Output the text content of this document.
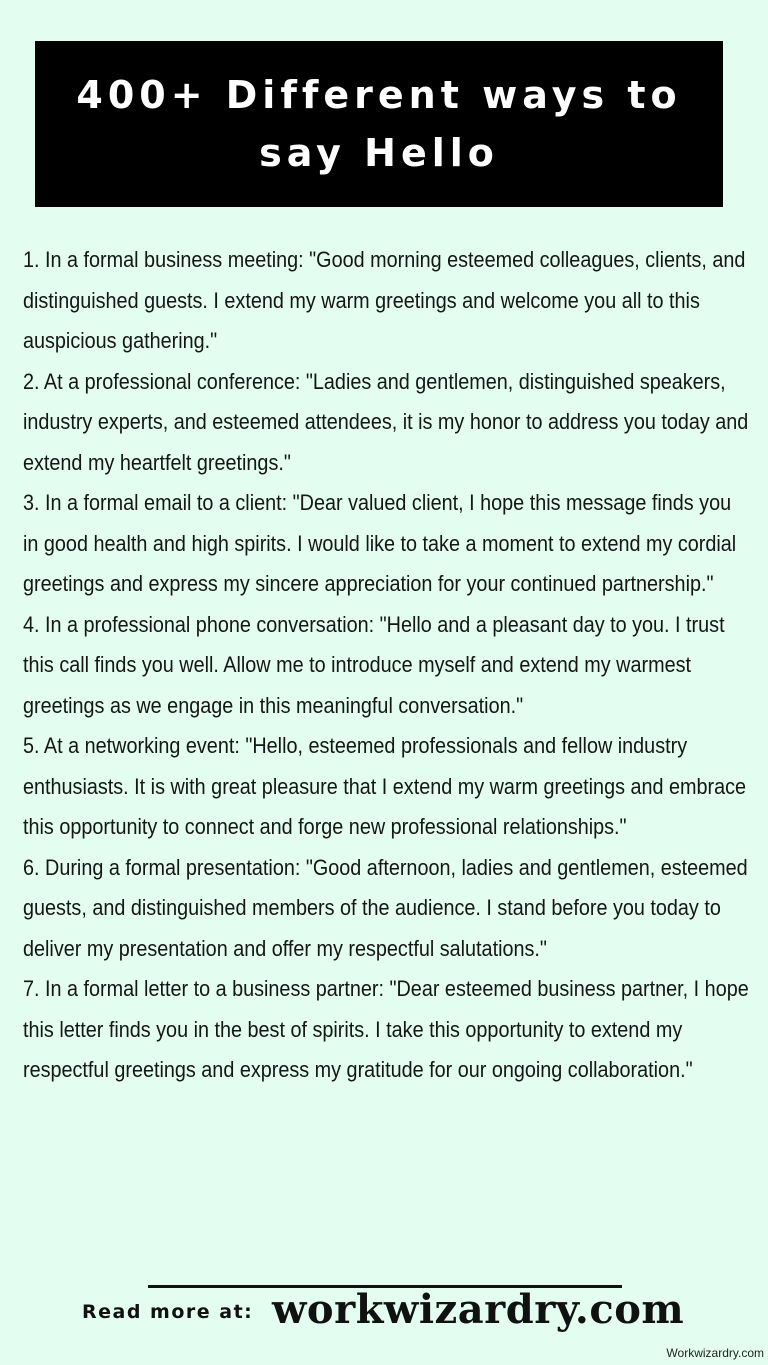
400+ Different ways to say Hello

1. In a formal business meeting: "Good morning esteemed colleagues, clients, and distinguished guests. I extend my warm greetings and welcome you all to this auspicious gathering."

2. At a professional conference: "Ladies and gentlemen, distinguished speakers, industry experts, and esteemed attendees, it is my honor to address you today and extend my heartfelt greetings."

3. In a formal email to a client: "Dear valued client, I hope this message finds you in good health and high spirits. I would like to take a moment to extend my cordial greetings and express my sincere appreciation for your continued partnership."

4. In a professional phone conversation: "Hello and a pleasant day to you. I trust this call finds you well. Allow me to introduce myself and extend my warmest greetings as we engage in this meaningful conversation."

5. At a networking event: "Hello, esteemed professionals and fellow industry enthusiasts. It is with great pleasure that I extend my warm greetings and embrace this opportunity to connect and forge new professional relationships."

6. During a formal presentation: "Good afternoon, ladies and gentlemen, esteemed guests, and distinguished members of the audience. I stand before you today to deliver my presentation and offer my respectful salutations."

7. In a formal letter to a business partner: "Dear esteemed business partner, I hope this letter finds you in the best of spirits. I take this opportunity to extend my respectful greetings and express my gratitude for our ongoing collaboration."

Read more at: workwizardry.com
Workwizardry.com
